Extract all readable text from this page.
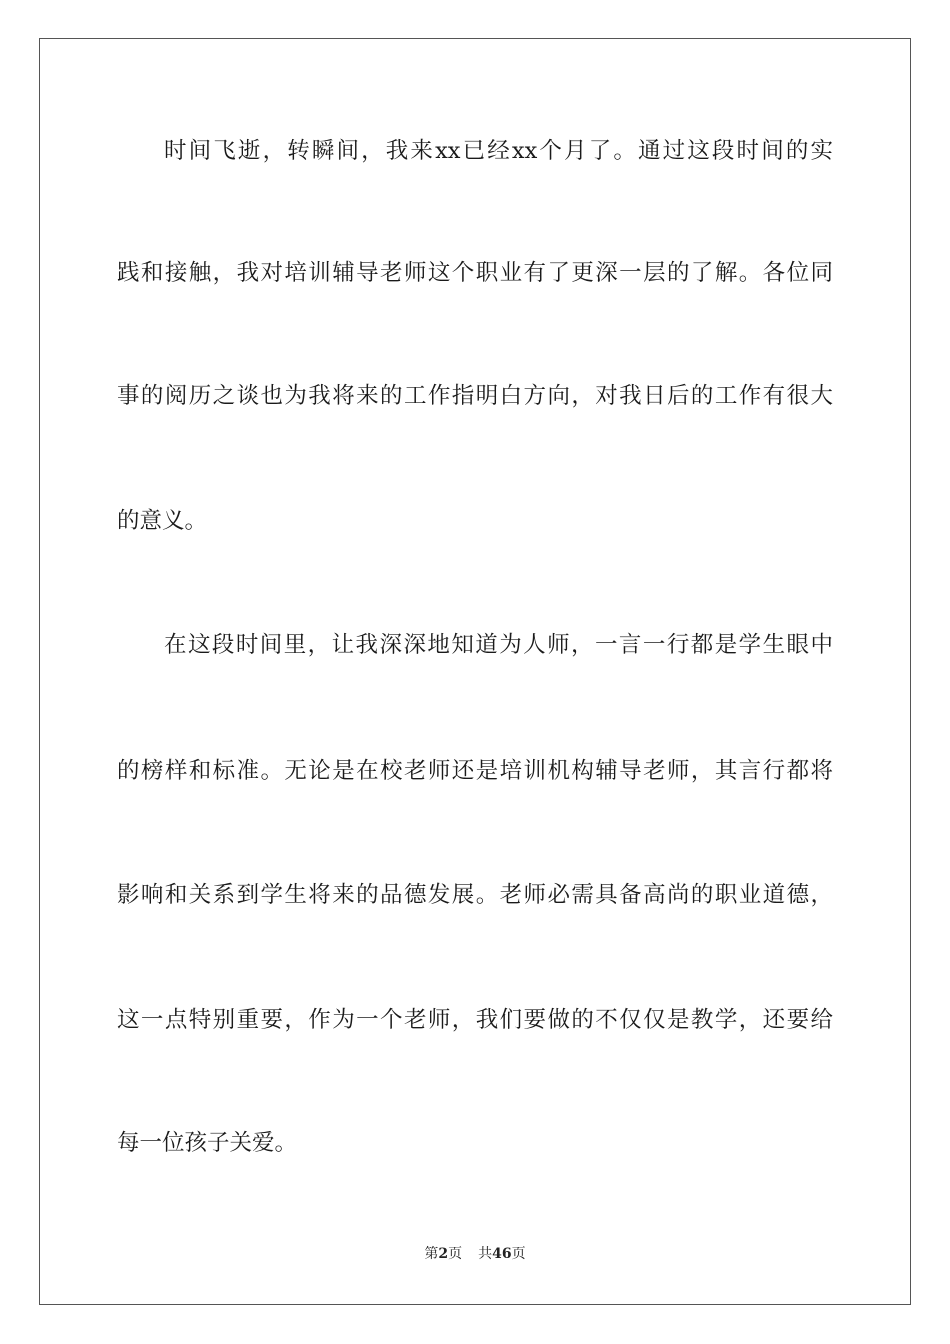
时间飞逝，转瞬间，我来xx已经xx个月了。通过这段时间的实
践和接触，我对培训辅导老师这个职业有了更深一层的了解。各位同
事的阅历之谈也为我将来的工作指明白方向，对我日后的工作有很大
的意义。
在这段时间里，让我深深地知道为人师，一言一行都是学生眼中
的榜样和标准。无论是在校老师还是培训机构辅导老师，其言行都将
影响和关系到学生将来的品德发展。老师必需具备高尚的职业道德，
这一点特别重要，作为一个老师，我们要做的不仅仅是教学，还要给
每一位孩子关爱。
第2页 共46页
